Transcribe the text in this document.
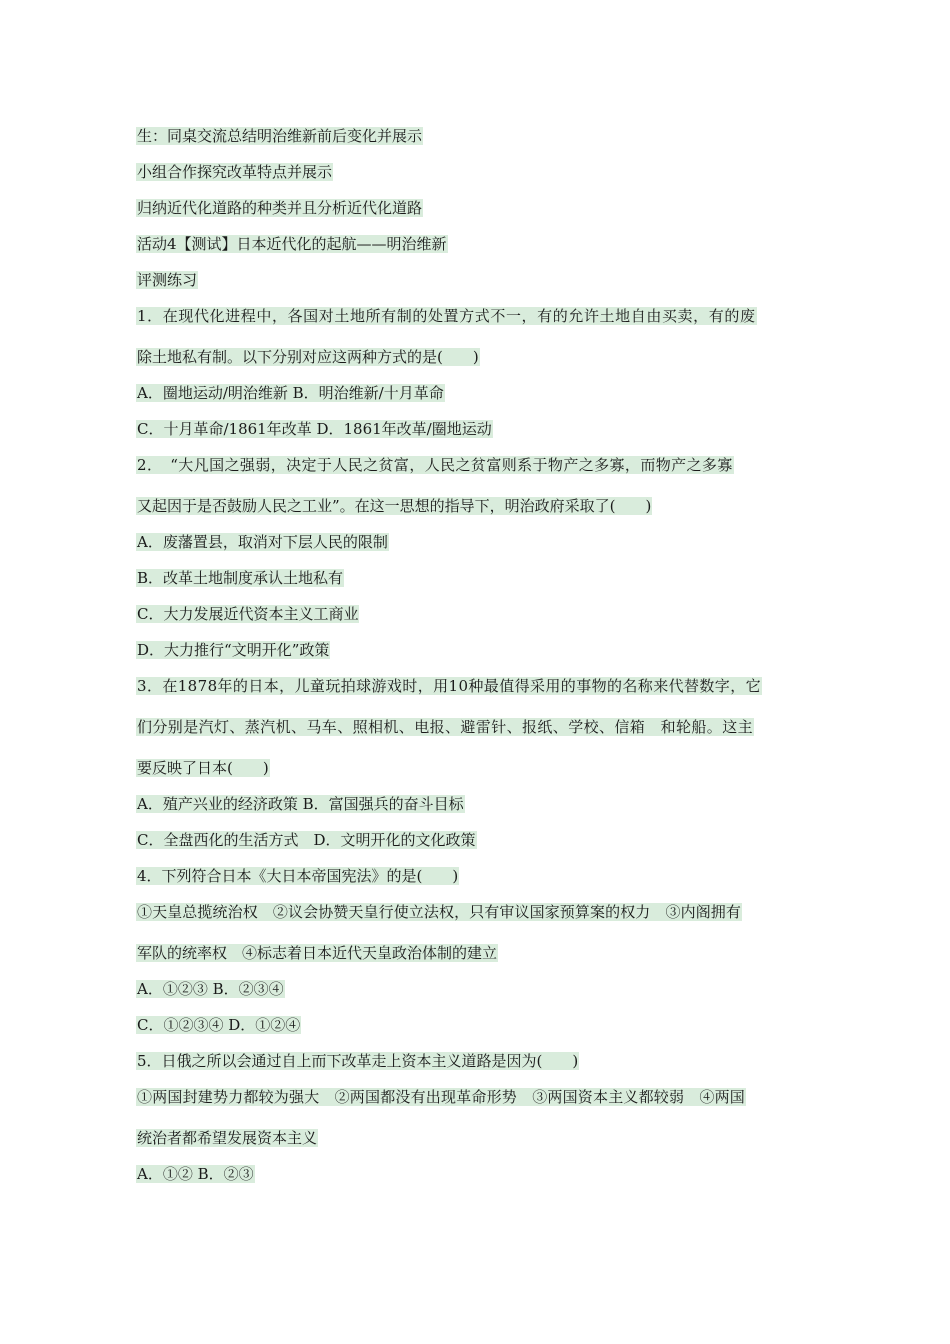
生：同桌交流总结明治维新前后变化并展示

小组合作探究改革特点并展示

归纳近代化道路的种类并且分析近代化道路

活动4【测试】日本近代化的起航——明治维新

评测练习

1．在现代化进程中，各国对土地所有制的处置方式不一，有的允许土地自由买卖，有的废

除土地私有制。以下分别对应这两种方式的是(　　)

A．圈地运动/明治维新 B．明治维新/十月革命

C．十月革命/1861年改革 D．1861年改革/圈地运动

2．　“大凡国之强弱，决定于人民之贫富，人民之贫富则系于物产之多寡，而物产之多寡

又起因于是否鼓励人民之工业”。在这一思想的指导下，明治政府采取了(　　)

A．废藩置县，取消对下层人民的限制

B．改革土地制度承认土地私有

C．大力发展近代资本主义工商业

D．大力推行“文明开化”政策

3．在1878年的日本，儿童玩拍球游戏时，用10种最值得采用的事物的名称来代替数字，它

们分别是汽灯、蒸汽机、马车、照相机、电报、避雷针、报纸、学校、信箱　和轮船。这主

要反映了日本(　　)

A．殖产兴业的经济政策 B．富国强兵的奋斗目标

C．全盘西化的生活方式　D．文明开化的文化政策

4．下列符合日本《大日本帝国宪法》的是(　　)

①天皇总揽统治权　②议会协赞天皇行使立法权，只有审议国家预算案的权力　③内阁拥有

军队的统率权　④标志着日本近代天皇政治体制的建立

A．①②③ B．②③④

C．①②③④ D．①②④

5．日俄之所以会通过自上而下改革走上资本主义道路是因为(　　)

①两国封建势力都较为强大　②两国都没有出现革命形势　③两国资本主义都较弱　④两国

统治者都希望发展资本主义

A．①② B．②③
